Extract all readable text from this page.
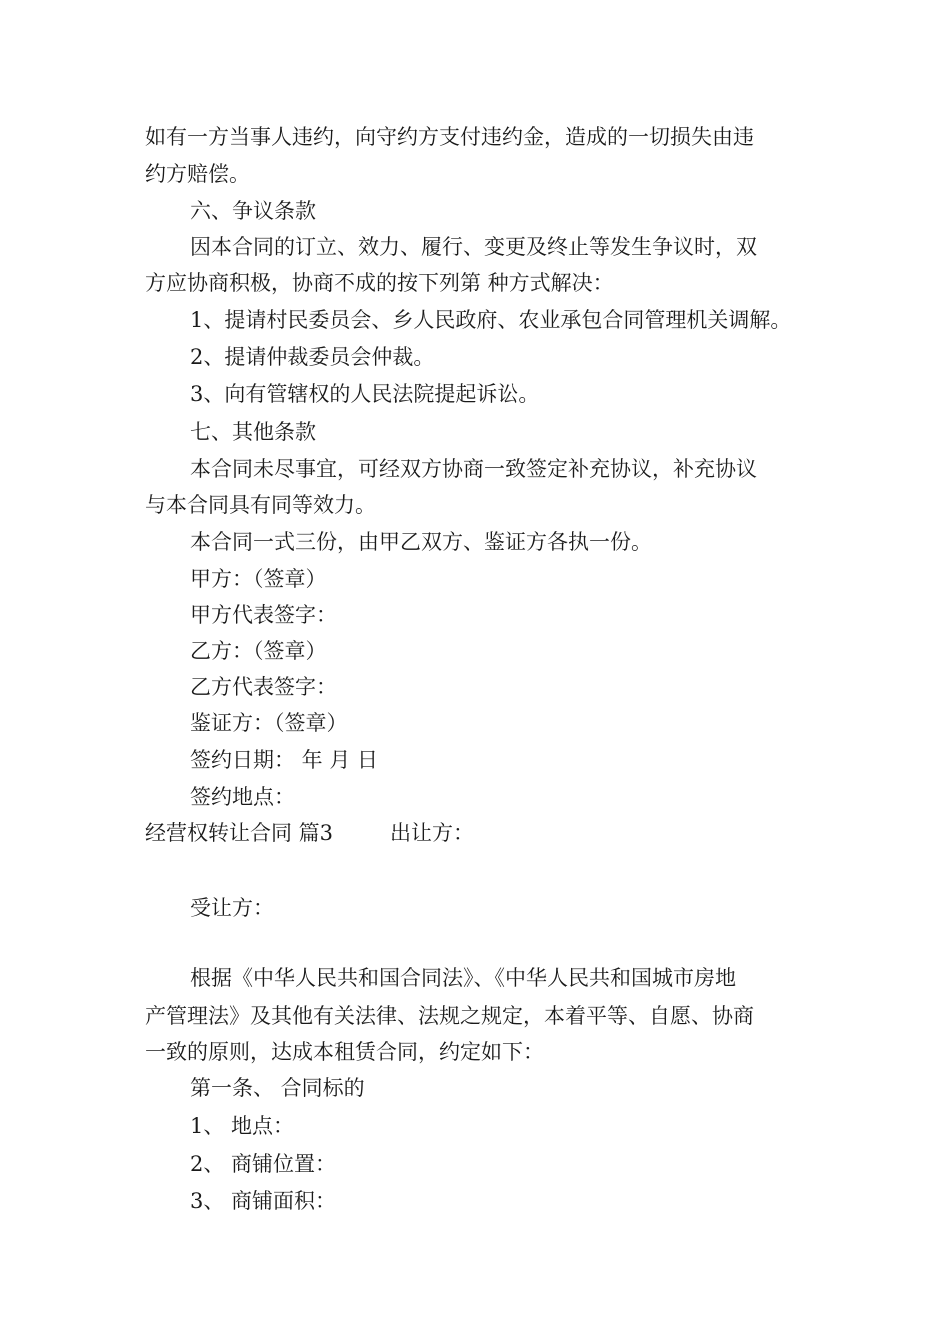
如有一方当事人违约，向守约方支付违约金，造成的一切损失由违
约方赔偿。
六、争议条款
因本合同的订立、效力、履行、变更及终止等发生争议时，双
方应协商积极，协商不成的按下列第 种方式解决：
1、提请村民委员会、乡人民政府、农业承包合同管理机关调解。
2、提请仲裁委员会仲裁。
3、向有管辖权的人民法院提起诉讼。
七、其他条款
本合同未尽事宜，可经双方协商一致签定补充协议，补充协议
与本合同具有同等效力。
本合同一式三份，由甲乙双方、鉴证方各执一份。
甲方：（签章）
甲方代表签字：
乙方：（签章）
乙方代表签字：
鉴证方：（签章）
签约日期： 年 月 日
签约地点：
经营权转让合同 篇3	出让方：
受让方：
根据《中华人民共和国合同法》、《中华人民共和国城市房地
产管理法》及其他有关法律、法规之规定，本着平等、自愿、协商
一致的原则，达成本租赁合同，约定如下：
第一条、 合同标的
1、 地点：
2、 商铺位置：
3、 商铺面积：
